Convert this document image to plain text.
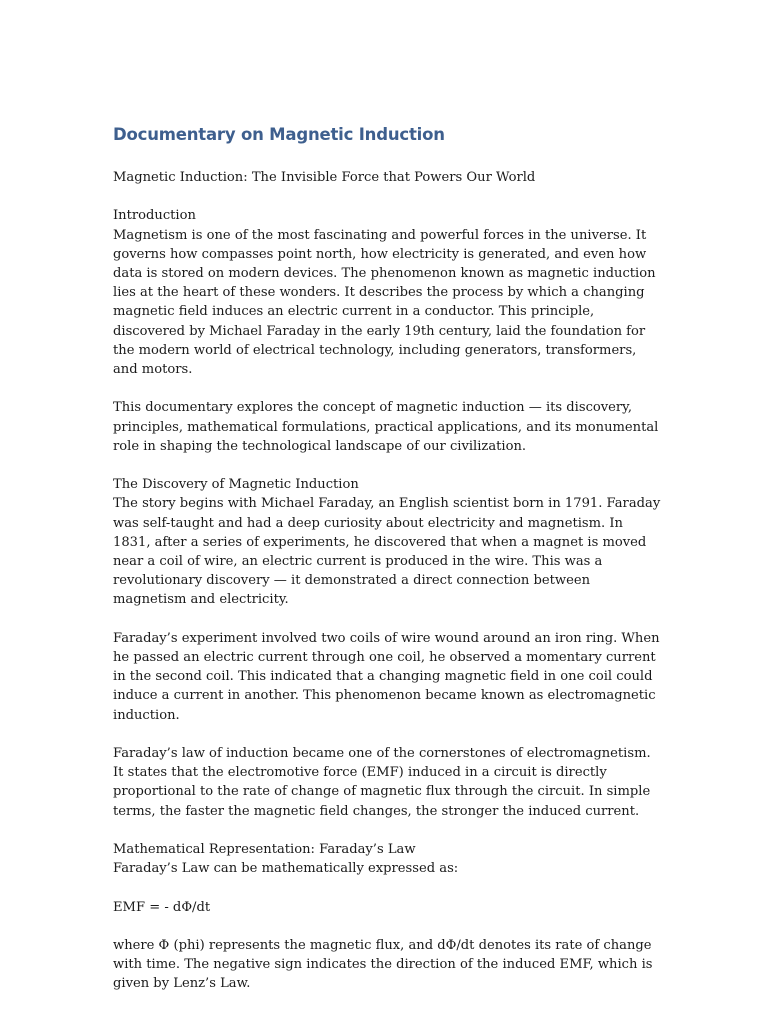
Documentary on Magnetic Induction

Magnetic Induction: The Invisible Force that Powers Our World

Introduction
Magnetism is one of the most fascinating and powerful forces in the universe. It governs how compasses point north, how electricity is generated, and even how data is stored on modern devices. The phenomenon known as magnetic induction lies at the heart of these wonders. It describes the process by which a changing magnetic field induces an electric current in a conductor. This principle, discovered by Michael Faraday in the early 19th century, laid the foundation for the modern world of electrical technology, including generators, transformers, and motors.

This documentary explores the concept of magnetic induction — its discovery, principles, mathematical formulations, practical applications, and its monumental role in shaping the technological landscape of our civilization.

The Discovery of Magnetic Induction
The story begins with Michael Faraday, an English scientist born in 1791. Faraday was self-taught and had a deep curiosity about electricity and magnetism. In 1831, after a series of experiments, he discovered that when a magnet is moved near a coil of wire, an electric current is produced in the wire. This was a revolutionary discovery — it demonstrated a direct connection between magnetism and electricity.

Faraday’s experiment involved two coils of wire wound around an iron ring. When he passed an electric current through one coil, he observed a momentary current in the second coil. This indicated that a changing magnetic field in one coil could induce a current in another. This phenomenon became known as electromagnetic induction.

Faraday’s law of induction became one of the cornerstones of electromagnetism. It states that the electromotive force (EMF) induced in a circuit is directly proportional to the rate of change of magnetic flux through the circuit. In simple terms, the faster the magnetic field changes, the stronger the induced current.

Mathematical Representation: Faraday’s Law
Faraday’s Law can be mathematically expressed as:

EMF = - dΦ/dt

where Φ (phi) represents the magnetic flux, and dΦ/dt denotes its rate of change with time. The negative sign indicates the direction of the induced EMF, which is given by Lenz’s Law.
